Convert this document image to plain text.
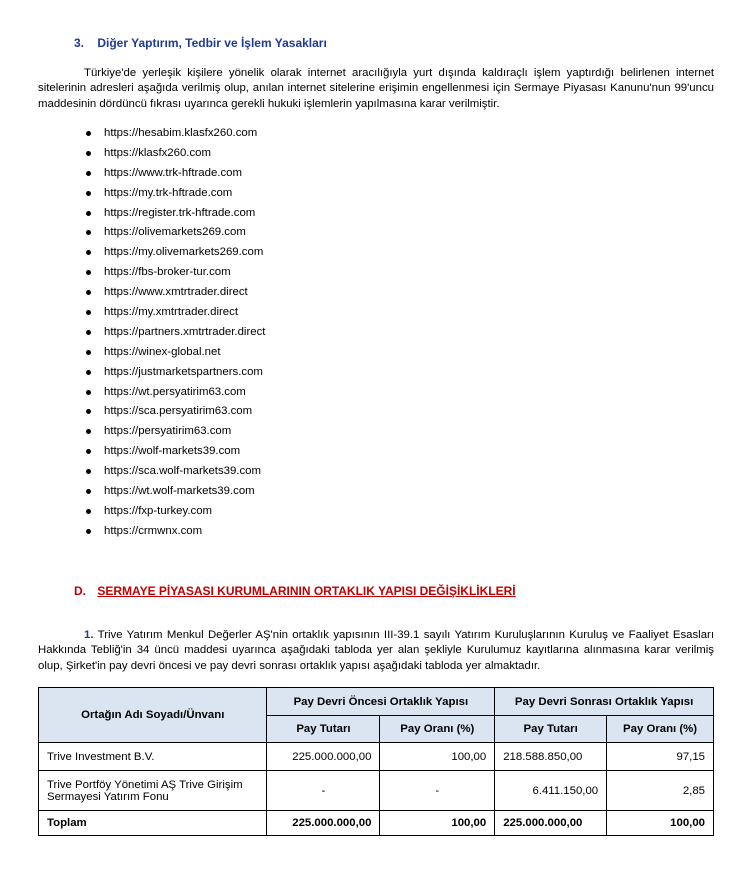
3. Diğer Yaptırım, Tedbir ve İşlem Yasakları
Türkiye'de yerleşik kişilere yönelik olarak internet aracılığıyla yurt dışında kaldıraçlı işlem yaptırdığı belirlenen internet sitelerinin adresleri aşağıda verilmiş olup, anılan internet sitelerine erişimin engellenmesi için Sermaye Piyasası Kanunu'nun 99'uncu maddesinin dördüncü fıkrası uyarınca gerekli hukuki işlemlerin yapılmasına karar verilmiştir.
https://hesabim.klasfx260.com
https://klasfx260.com
https://www.trk-hftrade.com
https://my.trk-hftrade.com
https://register.trk-hftrade.com
https://olivemarkets269.com
https://my.olivemarkets269.com
https://fbs-broker-tur.com
https://www.xmtrtrader.direct
https://my.xmtrtrader.direct
https://partners.xmtrtrader.direct
https://winex-global.net
https://justmarketspartners.com
https://wt.persyatirim63.com
https://sca.persyatirim63.com
https://persyatirim63.com
https://wolf-markets39.com
https://sca.wolf-markets39.com
https://wt.wolf-markets39.com
https://fxp-turkey.com
https://crmwnx.com
D. SERMAYE PİYASASI KURUMLARININ ORTAKLIK YAPISI DEĞİŞİKLİKLERİ
1. Trive Yatırım Menkul Değerler AŞ'nin ortaklık yapısının III-39.1 sayılı Yatırım Kuruluşlarının Kuruluş ve Faaliyet Esasları Hakkında Tebliğ'in 34 üncü maddesi uyarınca aşağıdaki tabloda yer alan şekliyle Kurulumuz kayıtlarına alınmasına karar verilmiş olup, Şirket'in pay devri öncesi ve pay devri sonrası ortaklık yapısı aşağıdaki tabloda yer almaktadır.
Ortağın Adı Soyadı/Ünvanı	Pay Devri Öncesi Ortaklık Yapısı		Pay Devri Sonrası Ortaklık Yapısı	
	Pay Tutarı	Pay Oranı (%)	Pay Tutarı	Pay Oranı (%)
Trive Investment B.V.	225.000.000,00	100,00	218.588.850,00	97,15
Trive Portföy Yönetimi AŞ Trive Girişim Sermayesi Yatırım Fonu	-	-	6.411.150,00	2,85
Toplam	225.000.000,00	100,00	225.000.000,00	100,00
